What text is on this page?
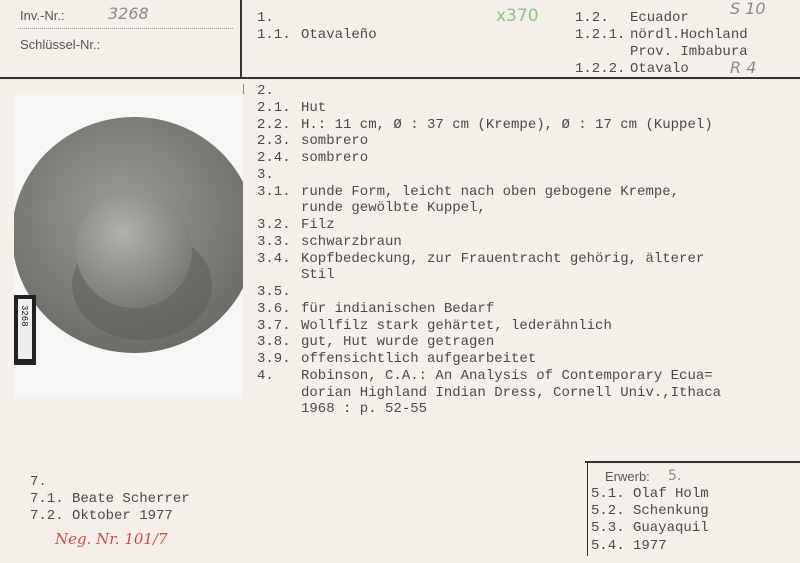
Inv.-Nr.:	3268
Schlüssel-Nr.:
1.
1.1. Otavaleño
x370	1.2. Ecuador	S 10
1.2.1. nördl.Hochland
Prov. Imbabura
1.2.2. Otavalo	R 4
3268
2.
2.1. Hut
2.2. H.: 11 cm, Ø : 37 cm (Krempe), Ø : 17 cm (Kuppel)
2.3. sombrero
2.4. sombrero
3.
3.1. runde Form, leicht nach oben gebogene Krempe,
runde gewölbte Kuppel,
3.2. Filz
3.3. schwarzbraun
3.4. Kopfbedeckung, zur Frauentracht gehörig, älterer
Stil
3.5.
3.6. für indianischen Bedarf
3.7. Wollfilz stark gehärtet, lederähnlich
3.8. gut, Hut wurde getragen
3.9. offensichtlich aufgearbeitet
4.	Robinson, C.A.: An Analysis of Contemporary Ecua=
dorian Highland Indian Dress, Cornell Univ.,Ithaca
1968 : p. 52-55
7.
7.1. Beate Scherrer
7.2. Oktober 1977
Neg. Nr. 101/7
Erwerb: 5.
5.1. Olaf Holm
5.2. Schenkung
5.3. Guayaquil
5.4. 1977
